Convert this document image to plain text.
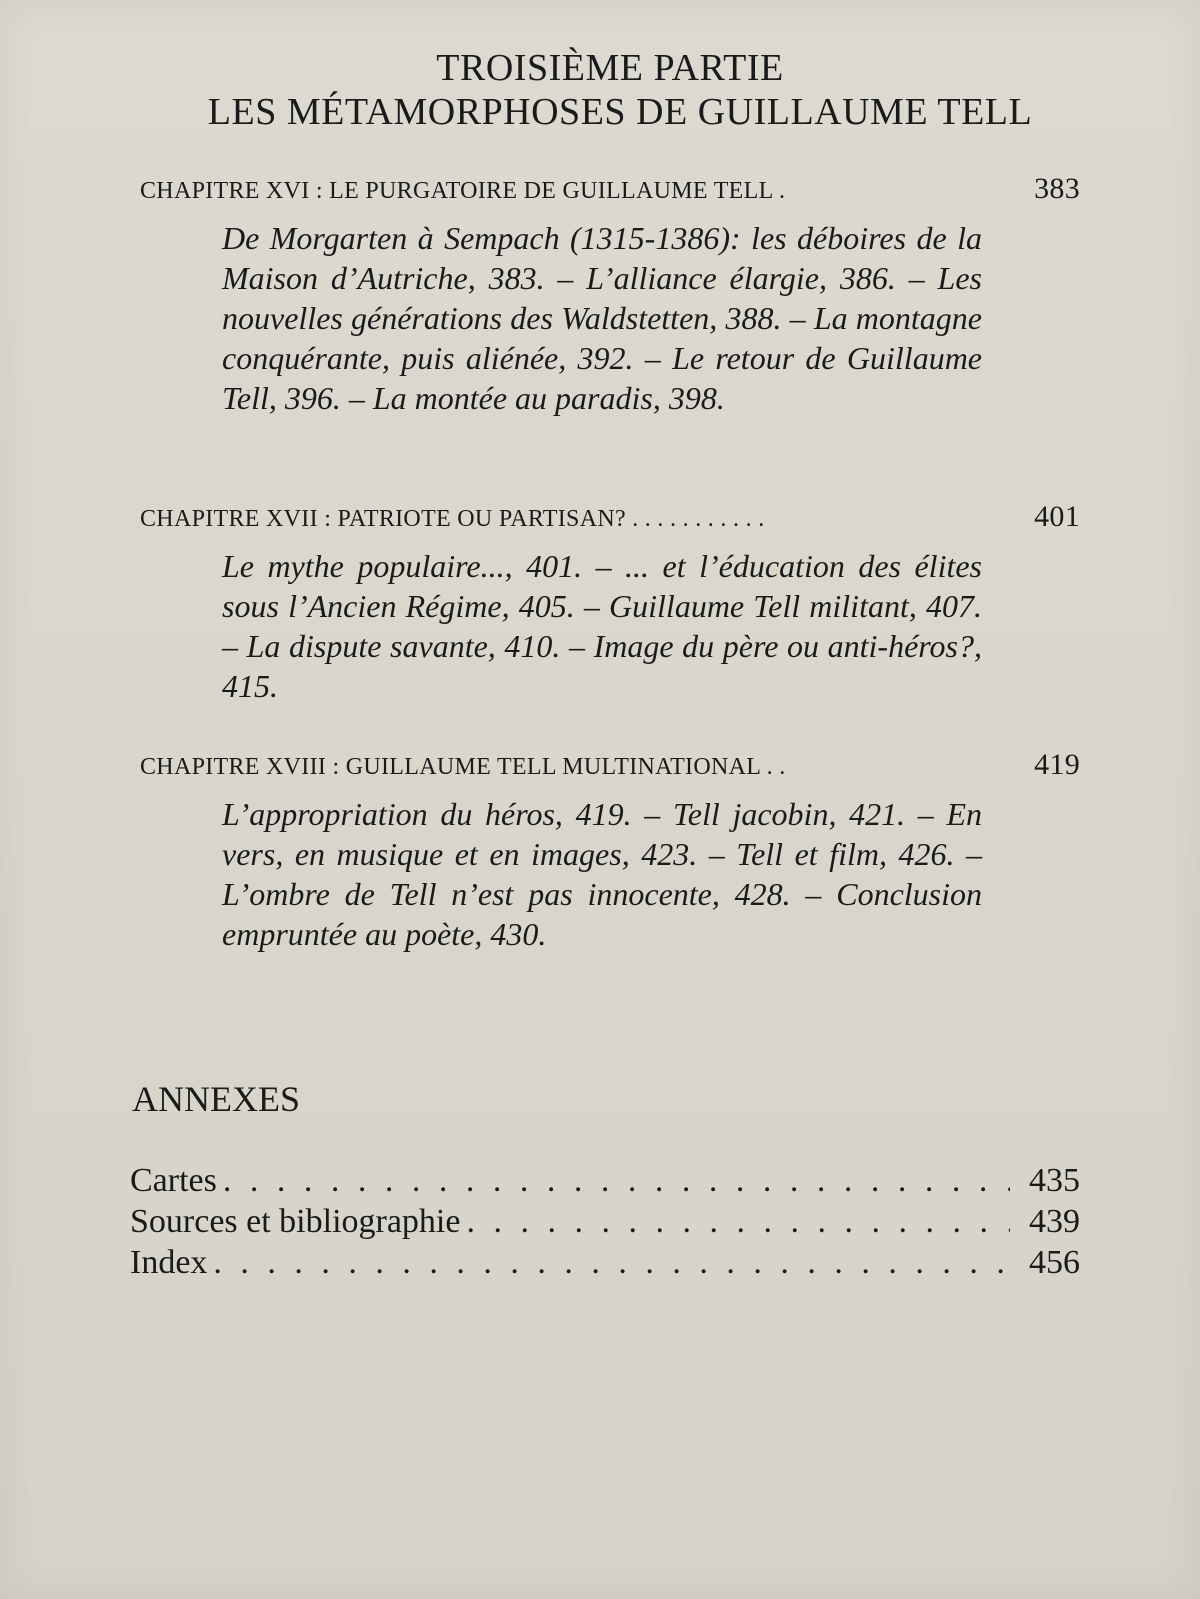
TROISIÈME PARTIE
LES MÉTAMORPHOSES DE GUILLAUME TELL
CHAPITRE XVI : LE PURGATOIRE DE GUILLAUME TELL .	383
De Morgarten à Sempach (1315-1386): les déboires de la Maison d’Autriche, 383. – L’alliance élargie, 386. – Les nouvelles générations des Waldstetten, 388. – La montagne conquérante, puis aliénée, 392. – Le retour de Guillaume Tell, 396. – La montée au paradis, 398.
CHAPITRE XVII : PATRIOTE OU PARTISAN? . . . . . . . . . . .	401
Le mythe populaire..., 401. – ... et l’éducation des élites sous l’Ancien Régime, 405. – Guillaume Tell militant, 407. – La dispute savante, 410. – Image du père ou anti-héros?, 415.
CHAPITRE XVIII : GUILLAUME TELL MULTINATIONAL . .	419
L’appropriation du héros, 419. – Tell jacobin, 421. – En vers, en musique et en images, 423. – Tell et film, 426. – L’ombre de Tell n’est pas innocente, 428. – Conclusion empruntée au poète, 430.
ANNEXES
Cartes . . .	435
Sources et bibliographie . . .	439
Index . . .	456
